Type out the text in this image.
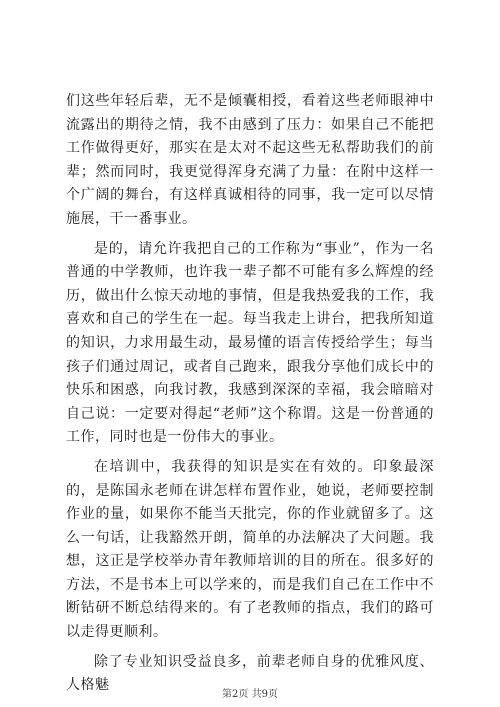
们这些年轻后辈，无不是倾囊相授，看着这些老师眼神中流露出的期待之情，我不由感到了压力：如果自己不能把工作做得更好，那实在是太对不起这些无私帮助我们的前辈；然而同时，我更觉得浑身充满了力量：在附中这样一个广阔的舞台，有这样真诚相待的同事，我一定可以尽情施展，干一番事业。

是的，请允许我把自己的工作称为“事业”，作为一名普通的中学教师，也许我一辈子都不可能有多么辉煌的经历，做出什么惊天动地的事情，但是我热爱我的工作，我喜欢和自己的学生在一起。每当我走上讲台，把我所知道的知识，力求用最生动，最易懂的语言传授给学生；每当孩子们通过周记，或者自己跑来，跟我分享他们成长中的快乐和困惑，向我讨教，我感到深深的幸福，我会暗暗对自己说：一定要对得起“老师”这个称谓。这是一份普通的工作，同时也是一份伟大的事业。

在培训中，我获得的知识是实在有效的。印象最深的，是陈国永老师在讲怎样布置作业，她说，老师要控制作业的量，如果你不能当天批完，你的作业就留多了。这么一句话，让我豁然开朗，简单的办法解决了大问题。我想，这正是学校举办青年教师培训的目的所在。很多好的方法，不是书本上可以学来的，而是我们自己在工作中不断钻研不断总结得来的。有了老教师的指点，我们的路可以走得更顺利。

除了专业知识受益良多，前辈老师自身的优雅风度、人格魅

第2页 共9页
